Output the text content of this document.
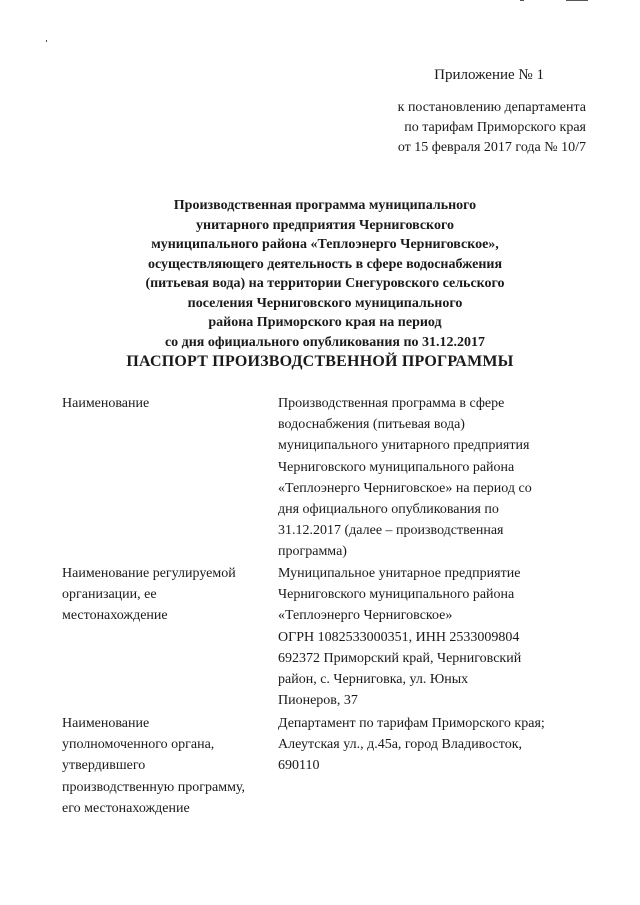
Приложение № 1
к постановлению департамента
по тарифам Приморского края
от 15 февраля 2017 года № 10/7
Производственная программа муниципального
унитарного предприятия Черниговского
муниципального района «Теплоэнерго Черниговское»,
осуществляющего деятельность в сфере водоснабжения
(питьевая вода) на территории Снегуровского сельского
поселения Черниговского муниципального
района Приморского края на период
со дня официального опубликования по 31.12.2017
ПАСПОРТ ПРОИЗВОДСТВЕННОЙ ПРОГРАММЫ
Наименование	Производственная программа в сфере
водоснабжения (питьевая вода)
муниципального унитарного предприятия
Черниговского муниципального района
«Теплоэнерго Черниговское» на период со
дня официального опубликования по
31.12.2017 (далее – производственная
программа)
Наименование регулируемой
организации, ее
местонахождение
Муниципальное унитарное предприятие
Черниговского муниципального района
«Теплоэнерго Черниговское»
ОГРН 1082533000351, ИНН 2533009804
692372 Приморский край, Черниговский
район, с. Черниговка, ул. Юных
Пионеров, 37
Наименование
уполномоченного органа,
утвердившего
производственную программу,
его местонахождение
Департамент по тарифам Приморского края;
Алеутская ул., д.45а, город Владивосток,
690110
